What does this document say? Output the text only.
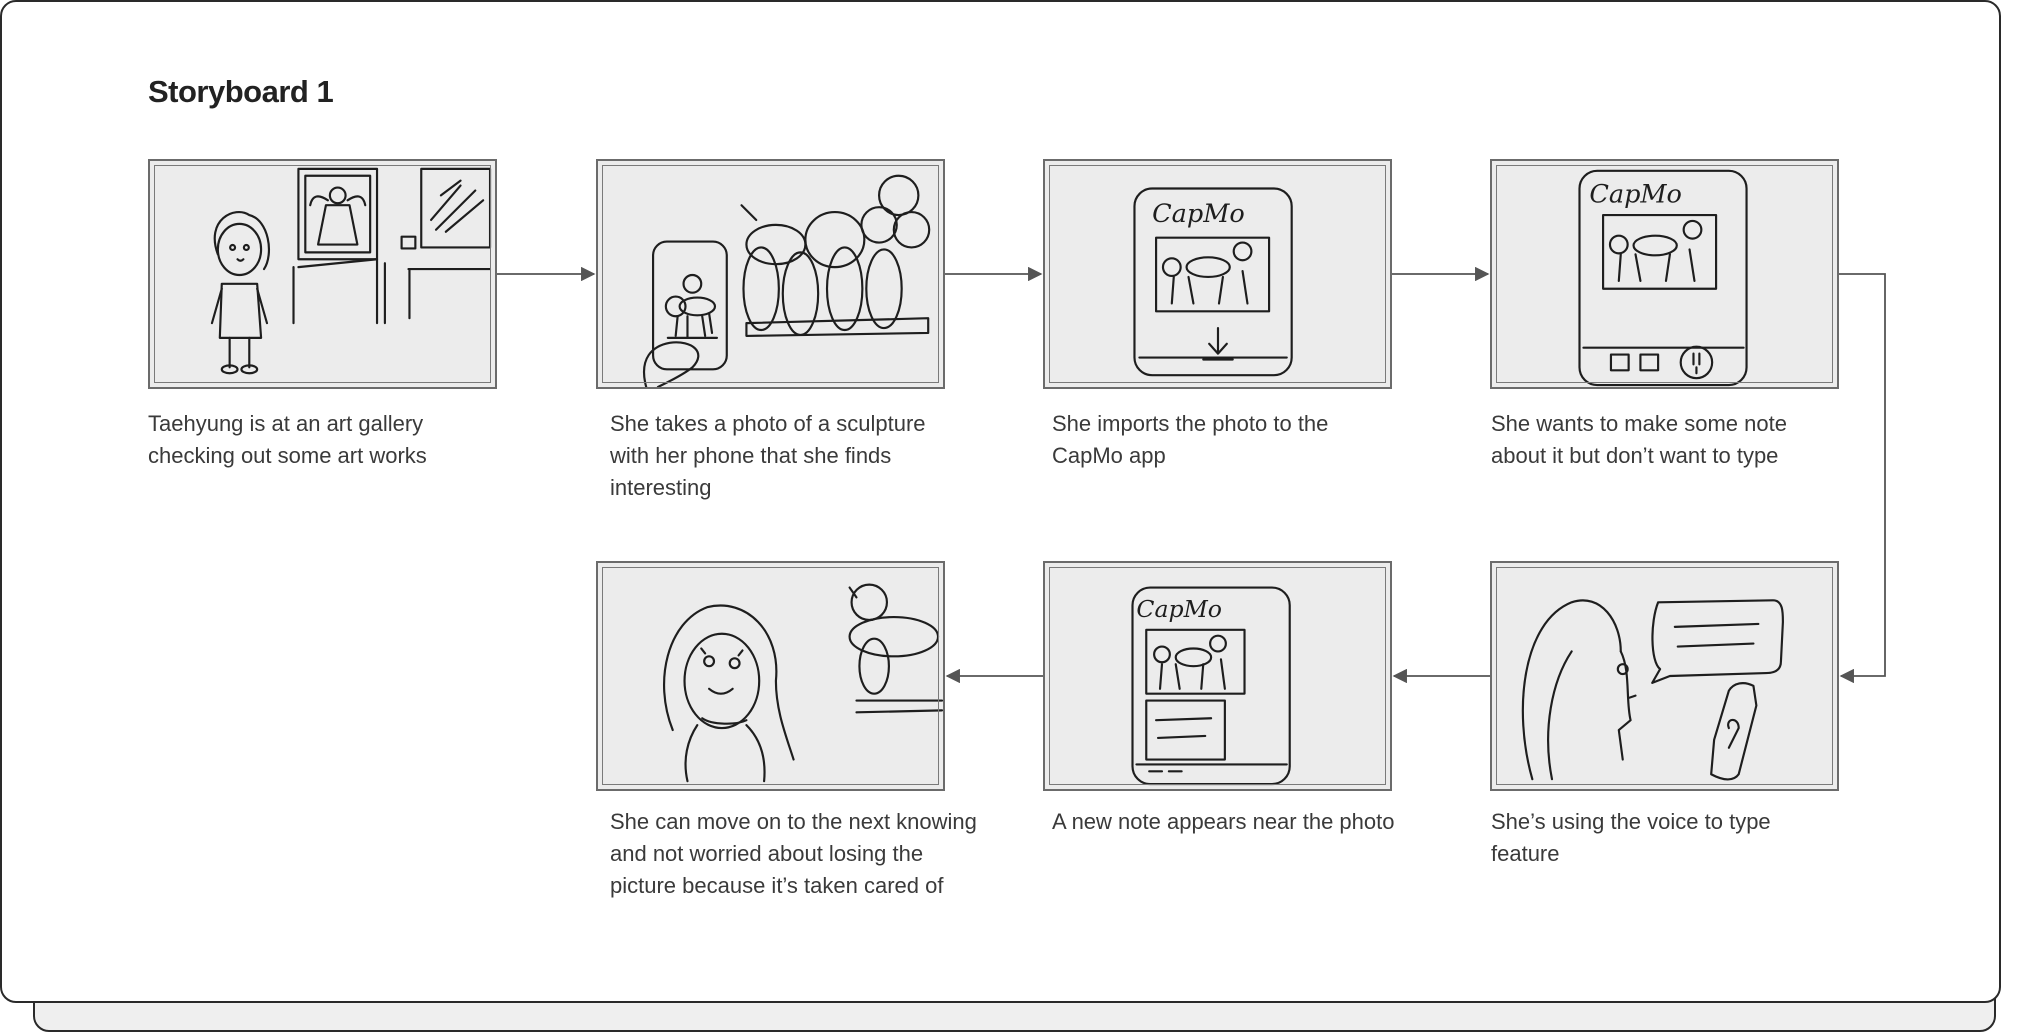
Storyboard 1
CapMo
CapMo
CapMo

Taehyung is at an art gallery checking out some art works

She takes a photo of a sculpture with her phone that she finds interesting

She imports the photo to the CapMo app

She wants to make some note about it but don’t want to type

She can move on to the next knowing and not worried about losing the picture because it’s taken cared of

A new note appears near the photo	She’s using the voice to type feature
